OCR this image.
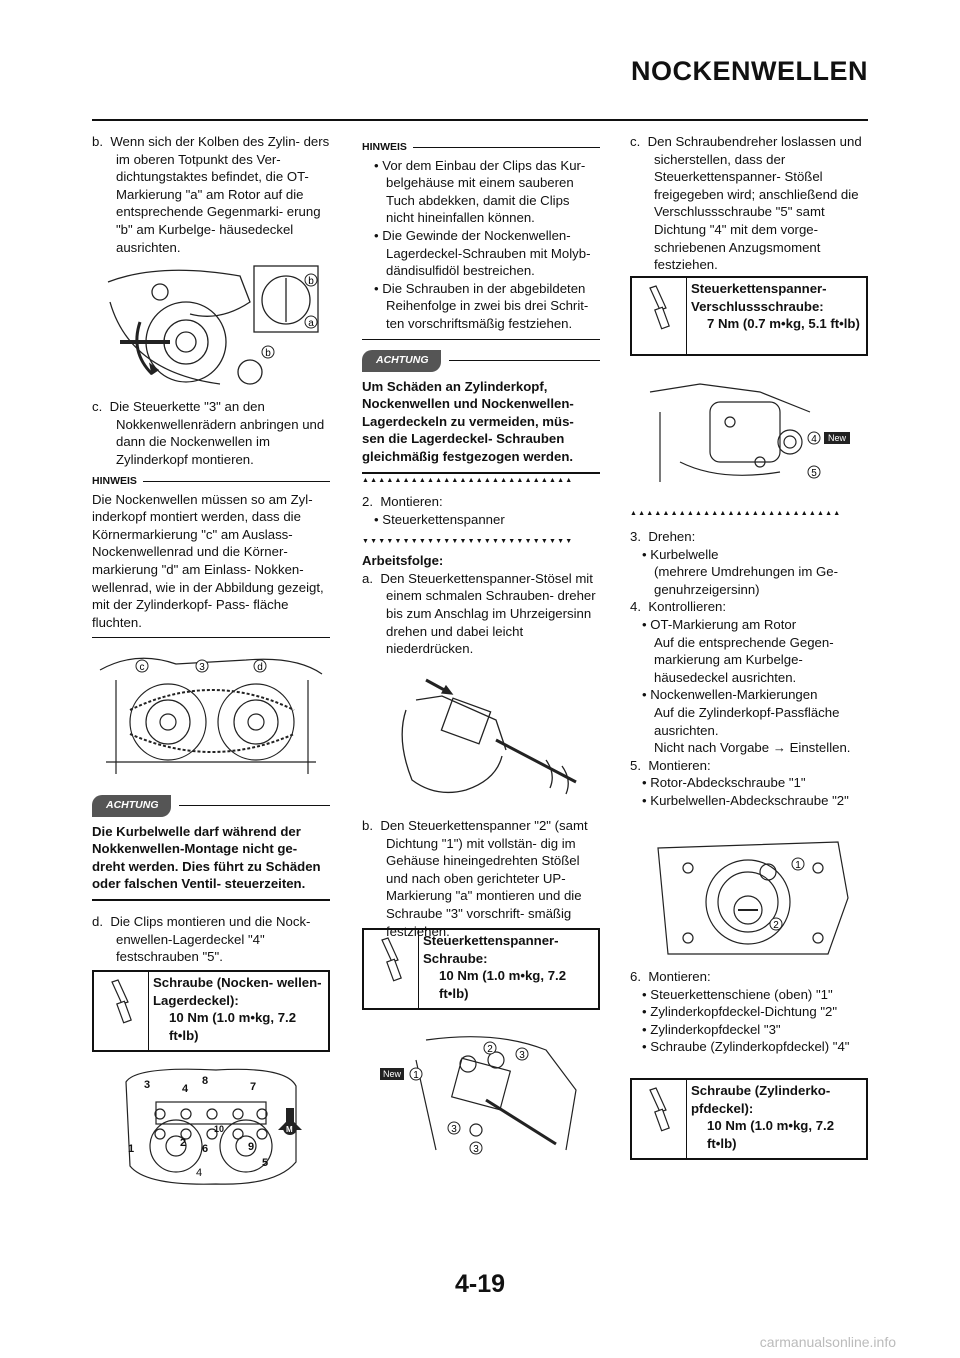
NOCKENWELLEN
b.  Wenn sich der Kolben des Zylin- ders im oberen Totpunkt des Ver- dichtungstaktes befindet, die OT- Markierung "a" am Rotor auf die entsprechende Gegenmarki- erung "b" am Kurbelge- häusedeckel ausrichten.
b
a
b
c.  Die Steuerkette "3" an den Nokkenwellenrädern anbringen und dann die Nockenwellen im Zylinderkopf montieren.
HINWEIS
Die Nockenwellen müssen so am Zyl- inderkopf montiert werden, dass die Körnermarkierung "c" am Auslass- Nockenwellenrad und die Körner- markierung "d" am Einlass- Nokken- wellenrad, wie in der Abbildung gezeigt, mit der Zylinderkopf- Pass- fläche fluchten.
c	3	d
ACHTUNG
Die Kurbelwelle darf während der Nokkenwellen-Montage nicht ge- dreht werden. Dies führt zu Schäden oder falschen Ventil- steuerzeiten.
d.  Die Clips montieren und die Nock- enwellen-Lagerdeckel "4" festschrauben "5".
Schraube (Nocken- wellen- Lagerdeckel):
10 Nm (1.0 m•kg, 7.2 ft•lb)
3	4
8	7
2 6
10
9
1
5
4
M
HINWEIS
• Vor dem Einbau der Clips das Kur- belgehäuse mit einem sauberen Tuch abdekken, damit die Clips nicht hineinfallen können.
• Die Gewinde der Nockenwellen- Lagerdeckel-Schrauben mit Molyb- dändisulfidöl bestreichen.
• Die Schrauben in der abgebildeten Reihenfolge in zwei bis drei Schrit- ten vorschriftsmäßig festziehen.
ACHTUNG
Um Schäden an Zylinderkopf, Nockenwellen und Nockenwellen- Lagerdeckeln zu vermeiden, müs- sen die Lagerdeckel- Schrauben gleichmäßig festgezogen werden.
▲▲▲▲▲▲▲▲▲▲▲▲▲▲▲▲▲▲▲▲▲▲▲▲▲▲
2.  Montieren:
• Steuerkettenspanner
▼▼▼▼▼▼▼▼▼▼▼▼▼▼▼▼▼▼▼▼▼▼▼▼▼▼
Arbeitsfolge:
a.  Den Steuerkettenspanner-Stösel mit einem schmalen Schrauben- dreher bis zum Anschlag im Uhrzeigersinn drehen und dabei leicht niederdrücken.
b.  Den Steuerkettenspanner "2" (samt Dichtung "1") mit vollstän- dig im Gehäuse hineingedrehten Stößel und nach oben gerichteter UP-Markierung "a" montieren und die Schraube "3" vorschrift- smäßig festziehen.
Steuerkettenspanner- Schraube:
10 Nm (1.0 m•kg, 7.2 ft•lb)
2
3
New 1
3
3
c.  Den Schraubendreher loslassen und sicherstellen, dass der Steuerkettenspanner- Stößel freigegeben wird; anschließend die Verschlussschraube "5" samt Dichtung "4" mit dem vorge- schriebenen Anzugsmoment festziehen.
Steuerkettenspanner- Verschlussschraube:
7 Nm (0.7 m•kg, 5.1 ft•lb)
4 New
5
▲▲▲▲▲▲▲▲▲▲▲▲▲▲▲▲▲▲▲▲▲▲▲▲▲▲
3.  Drehen:
• Kurbelwelle
(mehrere Umdrehungen im Ge- genuhrzeigersinn)
4.  Kontrollieren:
• OT-Markierung am Rotor
Auf die entsprechende Gegen- markierung am Kurbelge- häusedeckel ausrichten.
• Nockenwellen-Markierungen
Auf die Zylinderkopf-Passfläche ausrichten.
Nicht nach Vorgabe → Einstellen.
5.  Montieren:
• Rotor-Abdeckschraube "1"
• Kurbelwellen-Abdeckschraube "2"
1
2
6.  Montieren:
• Steuerkettenschiene (oben) "1"
• Zylinderkopfdeckel-Dichtung "2"
• Zylinderkopfdeckel "3"
• Schraube (Zylinderkopfdeckel) "4"
Schraube (Zylinderko- pfdeckel):
10 Nm (1.0 m•kg, 7.2 ft•lb)
4-19
carmanualsonline.info
